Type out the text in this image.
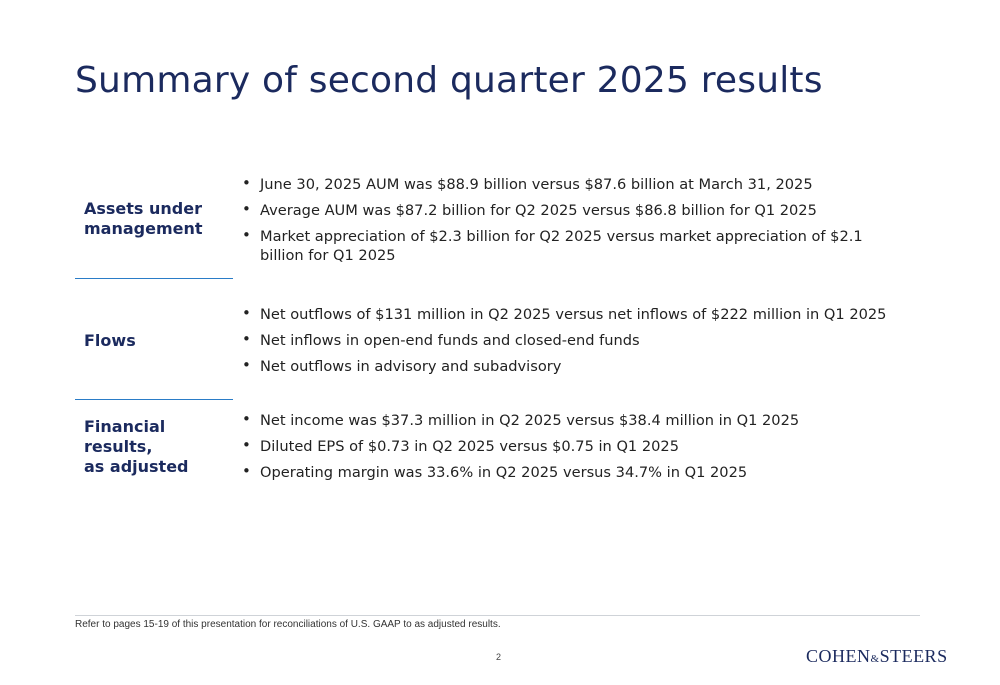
Summary of second quarter 2025 results
Assets under
management
• June 30, 2025 AUM was $88.9 billion versus $87.6 billion at March 31, 2025
• Average AUM was $87.2 billion for Q2 2025 versus $86.8 billion for Q1 2025
• Market appreciation of $2.3 billion for Q2 2025 versus market appreciation of $2.1 billion for Q1 2025
Flows
• Net outflows of $131 million in Q2 2025 versus net inflows of $222 million in Q1 2025
• Net inflows in open-end funds and closed-end funds
• Net outflows in advisory and subadvisory
Financial
results,
as adjusted
• Net income was $37.3 million in Q2 2025 versus $38.4 million in Q1 2025
• Diluted EPS of $0.73 in Q2 2025 versus $0.75 in Q1 2025
• Operating margin was 33.6% in Q2 2025 versus 34.7% in Q1 2025
Refer to pages 15-19 of this presentation for reconciliations of U.S. GAAP to as adjusted results.
2	COHEN&STEERS
